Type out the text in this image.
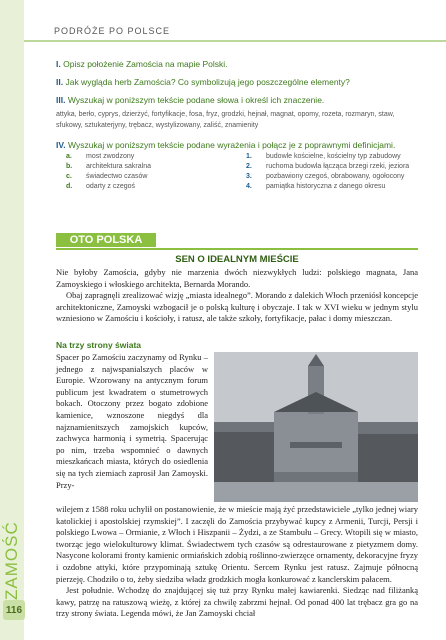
ZAMOŚĆ
116
PODRÓŻE PO POLSCE
I. Opisz położenie Zamościa na mapie Polski.
II. Jak wygląda herb Zamościa? Co symbolizują jego poszczególne elementy?
III. Wyszukaj w poniższym tekście podane słowa i określ ich znaczenie.
attyka, berło, cyprys, dzierżyć, fortyfikacje, fosa, fryz, grodzki, hejnał, magnat, opomy, rozeta, rozmaryn, staw, sfukowy, sztukaterjyny, trębacz, wystylizowany, zaliść, znamienity
IV. Wyszukaj w poniższym tekście podane wyrażenia i połącz je z poprawnymi definicjami.
a.	most zwodzony	1.	budowle kościelne, kościelny typ zabudowy
b.	architektura sakralna	2.	ruchoma budowla łącząca brzegi rzeki, jeziora
c.	świadectwo czasów	3.	pozbawiony czegoś, obrabowany, ogołocony
d.	odarty z czegoś	4.	pamiątka historyczna z danego okresu
OTO POLSKA
SEN O IDEALNYM MIEŚCIE
Nie byłoby Zamościa, gdyby nie marzenia dwóch niezwykłych ludzi: polskiego magnata, Jana Zamoyskiego i włoskiego architekta, Bernarda Morando.
Obaj zapragnęli zrealizować wizję „miasta idealnego”. Morando z dalekich Włoch przeniósł koncepcje architektoniczne, Zamoyski wzbogacił je o polską kulturę i obyczaje. I tak w XVI wieku w jednym stylu wzniesiono w Zamościu i kościoły, i ratusz, ale także szkoły, fortyfikacje, pałac i domy mieszczan.
Na trzy strony świata
Spacer po Zamościu zaczynamy od Rynku – jednego z najwspanialszych placów w Europie. Wzorowany na antycznym forum publicum jest kwadratem o stumetrowych bokach. Otoczony przez bogato zdobione kamienice, wznoszone niegdyś dla najznamienitszych zamojskich kupców, zachwyca harmonią i symetrią. Spacerując po nim, trzeba wspomnieć o dawnych mieszkańcach miasta, których do osiedlenia się na tych ziemiach zaprosił Jan Zamoyski. Przy-
wilejem z 1588 roku uchylił on postanowienie, że w mieście mają żyć przedstawiciele „tylko jednej wiary katolickiej i apostolskiej rzymskiej”. I zaczęli do Zamościa przybywać kupcy z Armenii, Turcji, Persji i polskiego Lwowa – Ormianie, z Włoch i Hiszpanii – Żydzi, a ze Stambułu – Grecy. Wtopili się w miasto, tworząc jego wielokulturowy klimat. Świadectwem tych czasów są odrestaurowane z pietyzmem domy. Nasycone kolorami fronty kamienic ormiańskich zdobią roślinno-zwierzęce ornamenty, dekoracyjne fryzy i ozdobne attyki, które przypominają sztukę Orientu. Sercem Rynku jest ratusz. Zajmuje północną pierzeję. Chodziło o to, żeby siedziba władz grodzkich mogła konkurować z kanclerskim pałacem.
Jest południe. Wchodzę do znajdującej się tuż przy Rynku małej kawiarenki. Siedząc nad filiżanką kawy, patrzę na ratuszową wieżę, z której za chwilę zabrzmi hejnał. Od ponad 400 lat trębacz gra go na trzy strony świata. Legenda mówi, że Jan Zamoyski chciał
